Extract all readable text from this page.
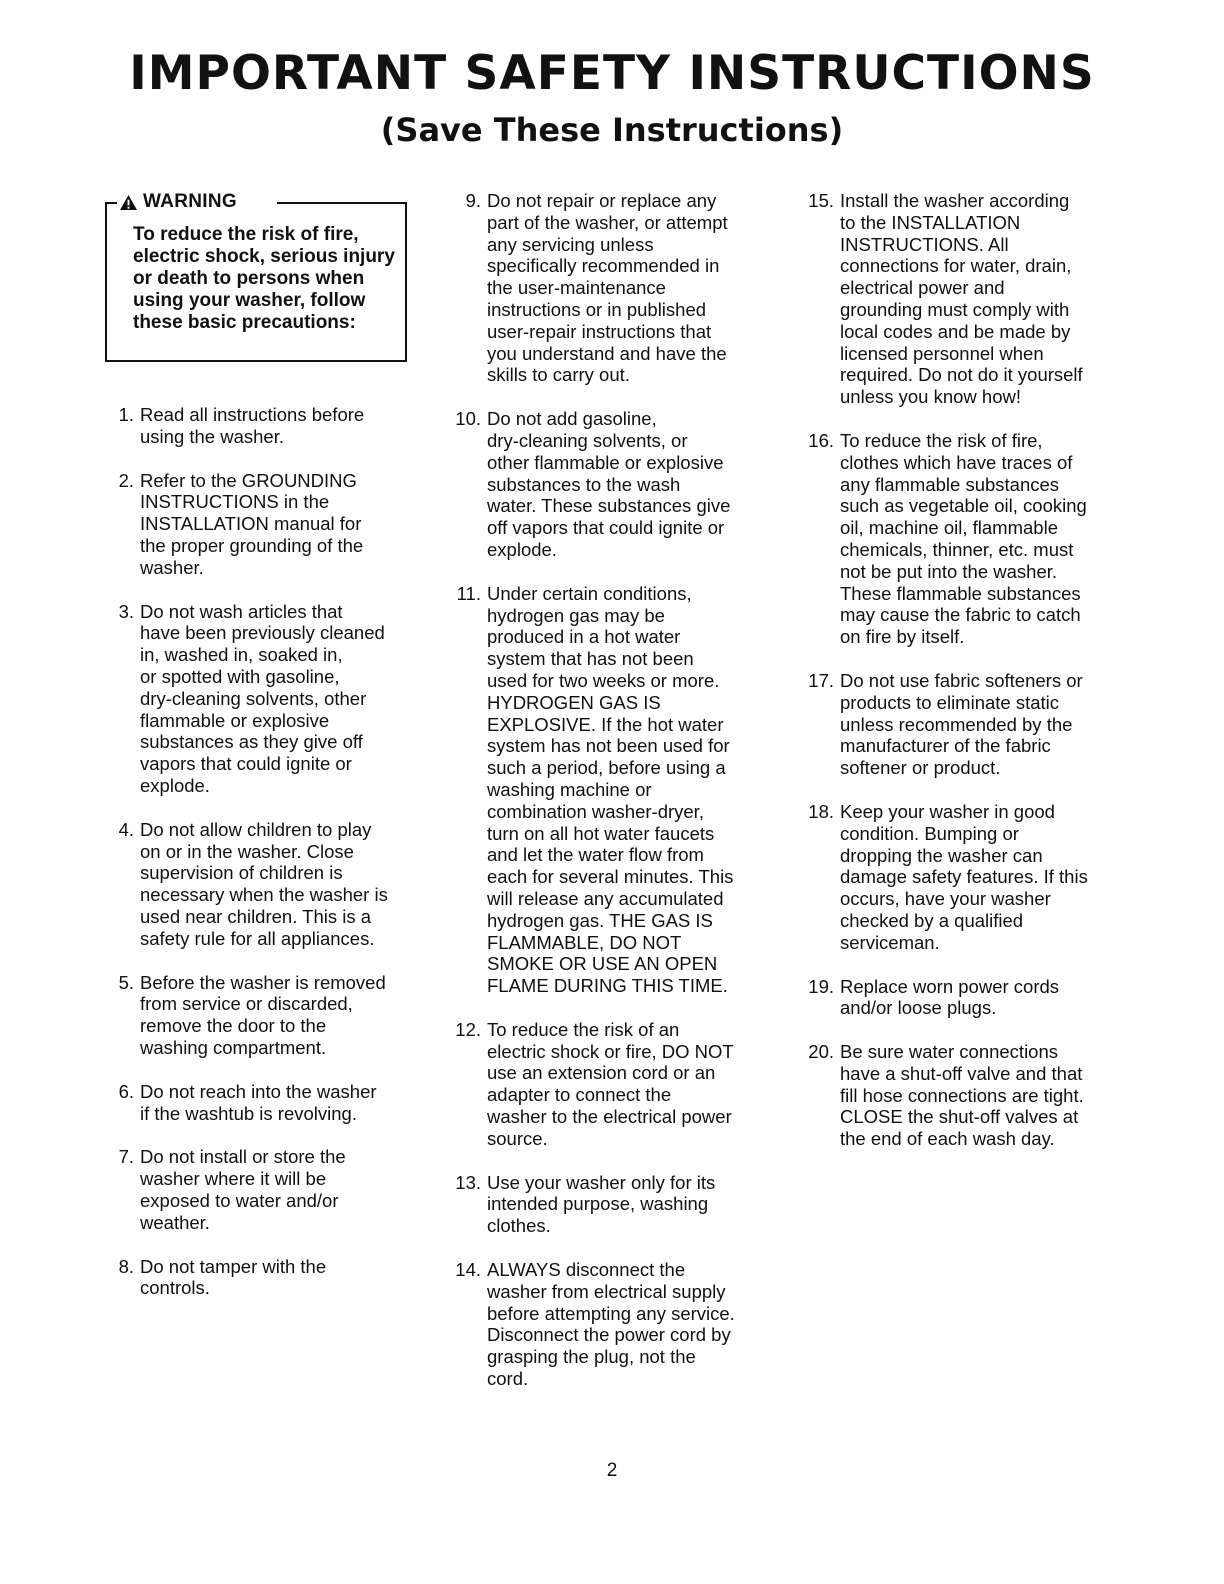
IMPORTANT SAFETY INSTRUCTIONS
(Save These Instructions)
WARNING
To reduce the risk of fire, electric shock, serious injury or death to persons when using your washer, follow these basic precautions:
1. Read all instructions before
using the washer.
2. Refer to the GROUNDING
INSTRUCTIONS in the
INSTALLATION manual for
the proper grounding of the
washer.
3. Do not wash articles that
have been previously cleaned
in, washed in, soaked in,
or spotted with gasoline,
dry-cleaning solvents, other
flammable or explosive
substances as they give off
vapors that could ignite or
explode.
4. Do not allow children to play
on or in the washer. Close
supervision of children is
necessary when the washer is
used near children. This is a
safety rule for all appliances.
5. Before the washer is removed
from service or discarded,
remove the door to the
washing compartment.
6. Do not reach into the washer
if the washtub is revolving.
7. Do not install or store the
washer where it will be
exposed to water and/or
weather.
8. Do not tamper with the
controls.
9. Do not repair or replace any
part of the washer, or attempt
any servicing unless
specifically recommended in
the user-maintenance
instructions or in published
user-repair instructions that
you understand and have the
skills to carry out.
10. Do not add gasoline,
dry-cleaning solvents, or
other flammable or explosive
substances to the wash
water. These substances give
off vapors that could ignite or
explode.
11. Under certain conditions,
hydrogen gas may be
produced in a hot water
system that has not been
used for two weeks or more.
HYDROGEN GAS IS
EXPLOSIVE. If the hot water
system has not been used for
such a period, before using a
washing machine or
combination washer-dryer,
turn on all hot water faucets
and let the water flow from
each for several minutes. This
will release any accumulated
hydrogen gas. THE GAS IS
FLAMMABLE, DO NOT
SMOKE OR USE AN OPEN
FLAME DURING THIS TIME.
12. To reduce the risk of an
electric shock or fire, DO NOT
use an extension cord or an
adapter to connect the
washer to the electrical power
source.
13. Use your washer only for its
intended purpose, washing
clothes.
14. ALWAYS disconnect the
washer from electrical supply
before attempting any service.
Disconnect the power cord by
grasping the plug, not the
cord.
15. Install the washer according
to the INSTALLATION
INSTRUCTIONS. All
connections for water, drain,
electrical power and
grounding must comply with
local codes and be made by
licensed personnel when
required. Do not do it yourself
unless you know how!
16. To reduce the risk of fire,
clothes which have traces of
any flammable substances
such as vegetable oil, cooking
oil, machine oil, flammable
chemicals, thinner, etc. must
not be put into the washer.
These flammable substances
may cause the fabric to catch
on fire by itself.
17. Do not use fabric softeners or
products to eliminate static
unless recommended by the
manufacturer of the fabric
softener or product.
18. Keep your washer in good
condition. Bumping or
dropping the washer can
damage safety features. If this
occurs, have your washer
checked by a qualified
serviceman.
19. Replace worn power cords
and/or loose plugs.
20. Be sure water connections
have a shut-off valve and that
fill hose connections are tight.
CLOSE the shut-off valves at
the end of each wash day.
2
